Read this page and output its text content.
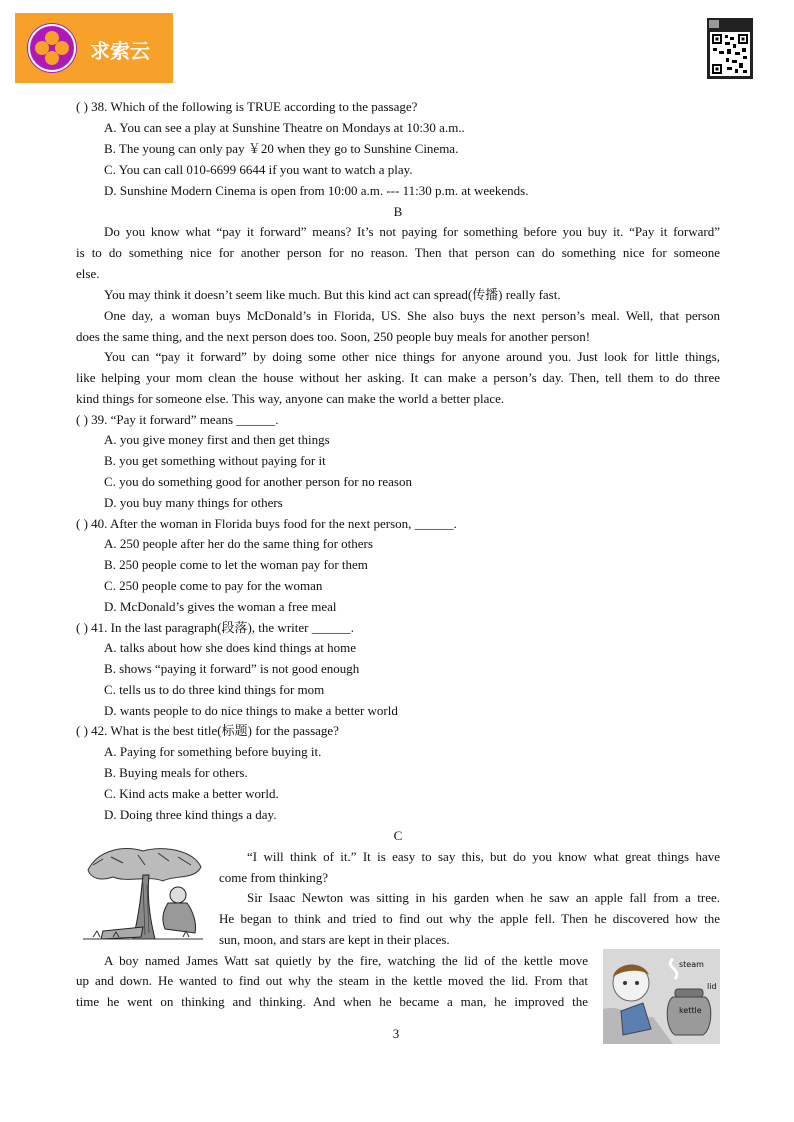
求索云
( ) 38. Which of the following is TRUE according to the passage?
A. You can see a play at Sunshine Theatre on Mondays at 10:30 a.m..
B. The young can only pay ￥20 when they go to Sunshine Cinema.
C. You can call 010-6699 6644 if you want to watch a play.
D. Sunshine Modern Cinema is open from 10:00 a.m. --- 11:30 p.m. at weekends.
B
Do you know what “pay it forward” means? It’s not paying for something before you buy it. “Pay it forward”
is to do something nice for another person for no reason. Then that person can do something nice for someone
else.
You may think it doesn’t seem like much. But this kind act can spread(传播) really fast.
One day, a woman buys McDonald’s in Florida, US. She also buys the next person’s meal. Well, that person
does the same thing, and the next person does too. Soon, 250 people buy meals for another person!
You can “pay it forward” by doing some other nice things for anyone around you. Just look for little things,
like helping your mom clean the house without her asking. It can make a person’s day. Then, tell them to do three
kind things for someone else. This way, anyone can make the world a better place.
( ) 39. “Pay it forward” means ______.
A. you give money first and then get things
B. you get something without paying for it
C. you do something good for another person for no reason
D. you buy many things for others
( ) 40. After the woman in Florida buys food for the next person, ______.
A. 250 people after her do the same thing for others
B. 250 people come to let the woman pay for them
C. 250 people come to pay for the woman
D. McDonald’s gives the woman a free meal
( ) 41. In the last paragraph(段落), the writer ______.
A. talks about how she does kind things at home
B. shows “paying it forward” is not good enough
C. tells us to do three kind things for mom
D. wants people to do nice things to make a better world
( ) 42. What is the best title(标题) for the passage?
A. Paying for something before buying it.
B. Buying meals for others.
C. Kind acts make a better world.
D. Doing three kind things a day.
C
“I will think of it.” It is easy to say this, but do you know what great things have
come from thinking?
Sir Isaac Newton was sitting in his garden when he saw an apple fall from a tree.
He began to think and tried to find out why the apple fell. Then he discovered how the
sun, moon, and stars are kept in their places.
A boy named James Watt sat quietly by the fire, watching the lid of the kettle move
up and down. He wanted to find out why the steam in the kettle moved the lid. From that
time he went on thinking and thinking. And when he became a man, he improved the
steam
lid
kettle
3
